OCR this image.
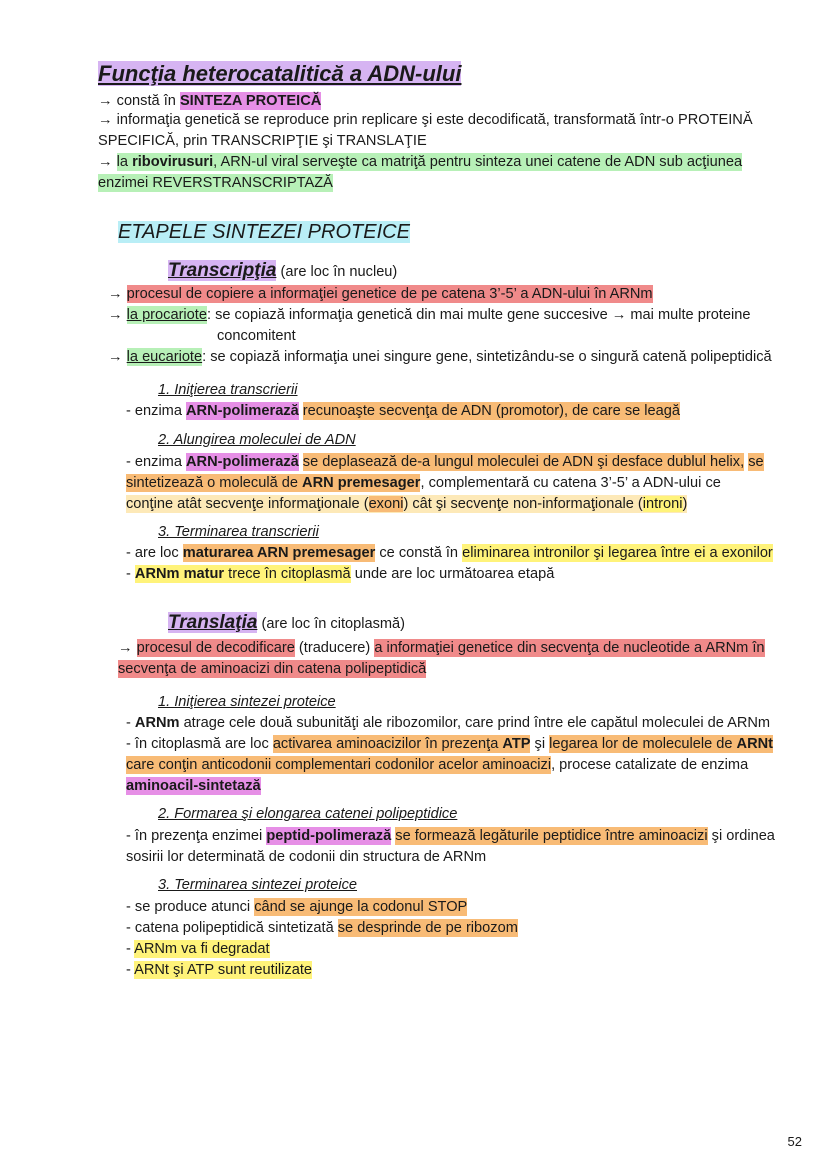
Funcţia heterocatalitică a ADN-ului
→ constă în SINTEZA PROTEICĂ
→ informaţia genetică se reproduce prin replicare şi este decodificată, transformată într-o PROTEINĂ
SPECIFICĂ, prin TRANSCRIPŢIE şi TRANSLAŢIE
→ la ribovirusuri, ARN-ul viral serveşte ca matriţă pentru sinteza unei catene de ADN sub acţiunea
enzimei REVERSTRANSCRIPTAZĂ
ETAPELE SINTEZEI PROTEICE
Transcripţia (are loc în nucleu)
→ procesul de copiere a informaţiei genetice de pe catena 3’-5’ a ADN-ului în ARNm
→ la procariote: se copiază informaţia genetică din mai multe gene succesive → mai multe proteine
concomitent
→ la eucariote: se copiază informaţia unei singure gene, sintetizându-se o singură catenă polipeptidică
1. Iniţierea transcrierii
- enzima ARN-polimerază recunoaşte secvenţa de ADN (promotor), de care se leagă
2. Alungirea moleculei de ADN
- enzima ARN-polimerază se deplasează de-a lungul moleculei de ADN şi desface dublul helix, se
sintetizează o moleculă de ARN premesager, complementară cu catena 3’-5’ a ADN-ului ce
conţine atât secvenţe informaţionale (exoni) cât şi secvenţe non-informaţionale (introni)
3. Terminarea transcrierii
- are loc maturarea ARN premesager ce constă în eliminarea intronilor şi legarea între ei a exonilor
- ARNm matur trece în citoplasmă unde are loc următoarea etapă
Translaţia (are loc în citoplasmă)
→ procesul de decodificare (traducere) a informaţiei genetice din secvenţa de nucleotide a ARNm în
secvenţa de aminoacizi din catena polipeptidică
1. Iniţierea sintezei proteice
- ARNm atrage cele două subunităţi ale ribozomilor, care prind între ele capătul moleculei de ARNm
- în citoplasmă are loc activarea aminoacizilor în prezenţa ATP şi legarea lor de moleculele de ARNt
care conţin anticodonii complementari codonilor acelor aminoacizi, procese catalizate de enzima
aminoacil-sintetază
2. Formarea şi elongarea catenei polipeptidice
- în prezenţa enzimei peptid-polimerază se formează legăturile peptidice între aminoacizi şi ordinea
sosirii lor determinată de codonii din structura de ARNm
3. Terminarea sintezei proteice
- se produce atunci când se ajunge la codonul STOP
- catena polipeptidică sintetizată se desprinde de pe ribozom
- ARNm va fi degradat
- ARNt şi ATP sunt reutilizate
52
